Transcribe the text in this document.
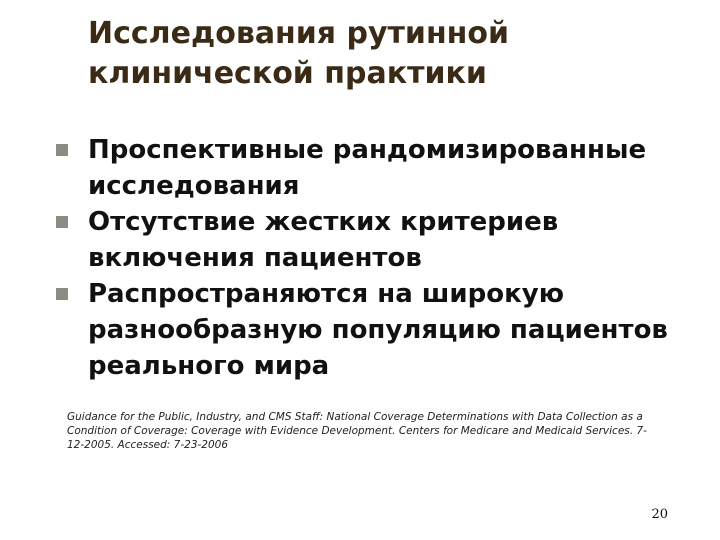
Исследования рутинной клинической практики
Проспективные рандомизированные исследования
Отсутствие жестких критериев включения пациентов
Распространяются на широкую разнообразную популяцию пациентов реального мира

Guidance for the Public, Industry, and CMS Staff: National Coverage Determinations with Data Collection as a Condition of Coverage: Coverage with Evidence Development. Centers for Medicare and Medicaid Services. 7-12-2005. Accessed: 7-23-2006

20
